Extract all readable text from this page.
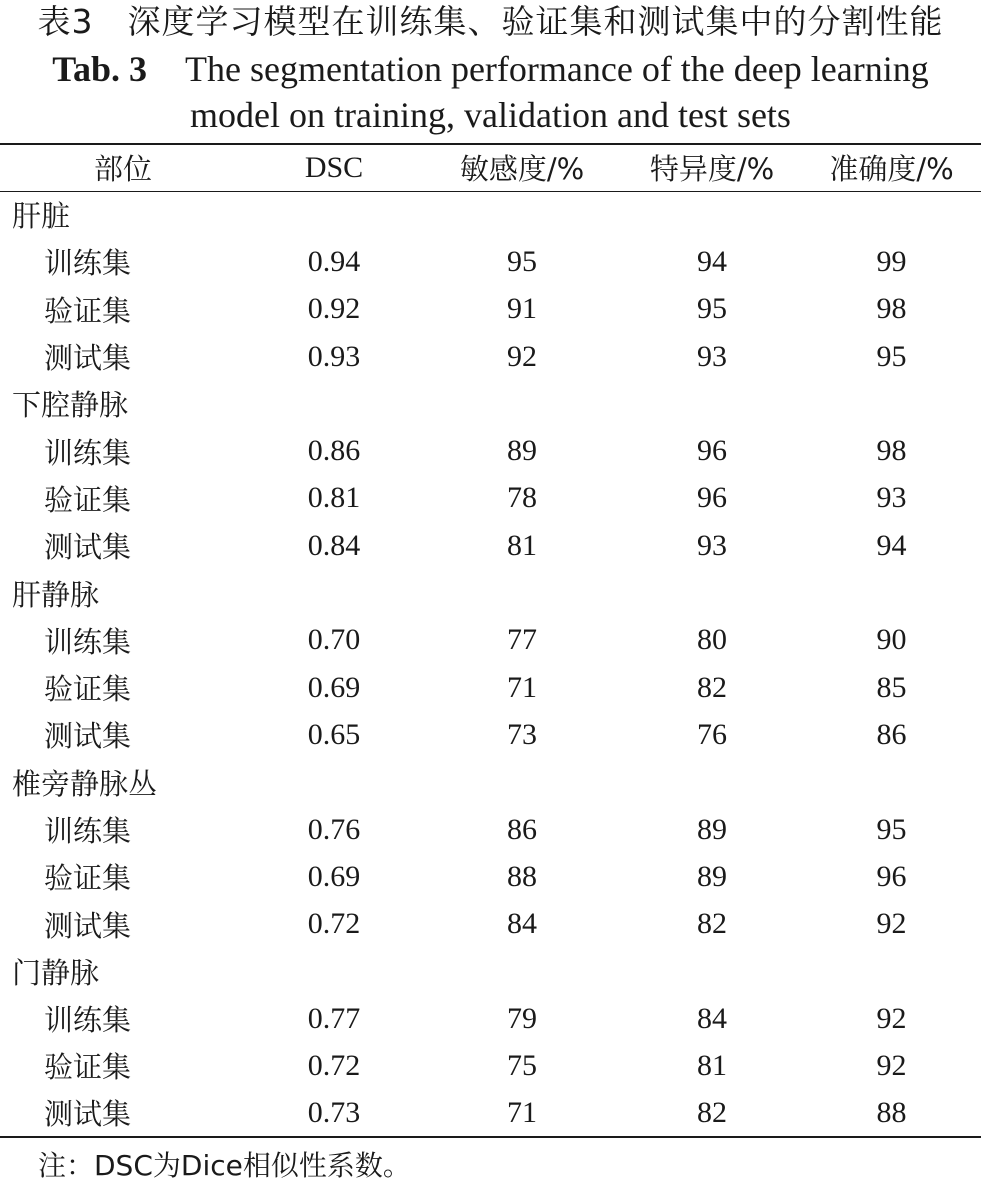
表3 深度学习模型在训练集、验证集和测试集中的分割性能
Tab. 3 The segmentation performance of the deep learning
model on training, validation and test sets
部位	DSC	敏感度/%	特异度/%	准确度/%
肝脏				
训练集	0.94	95	94	99
验证集	0.92	91	95	98
测试集	0.93	92	93	95
下腔静脉				
训练集	0.86	89	96	98
验证集	0.81	78	96	93
测试集	0.84	81	93	94
肝静脉				
训练集	0.70	77	80	90
验证集	0.69	71	82	85
测试集	0.65	73	76	86
椎旁静脉丛				
训练集	0.76	86	89	95
验证集	0.69	88	89	96
测试集	0.72	84	82	92
门静脉				
训练集	0.77	79	84	92
验证集	0.72	75	81	92
测试集	0.73	71	82	88
注：DSC为Dice相似性系数。
